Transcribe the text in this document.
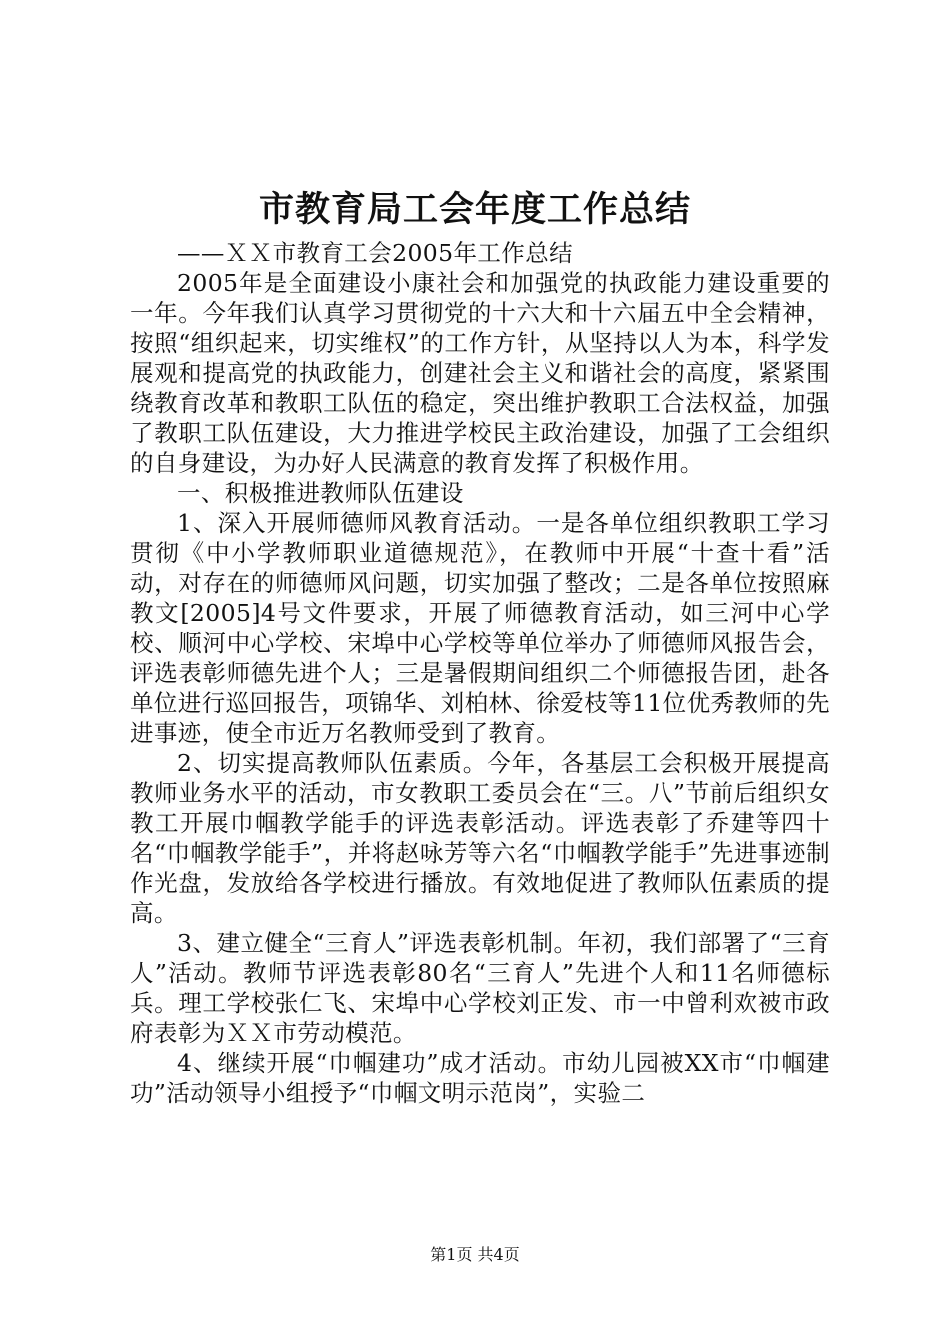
市教育局工会年度工作总结

——ＸＸ市教育工会2005年工作总结

2005年是全面建设小康社会和加强党的执政能力建设重要的一年。今年我们认真学习贯彻党的十六大和十六届五中全会精神，按照“组织起来，切实维权”的工作方针，从坚持以人为本，科学发展观和提高党的执政能力，创建社会主义和谐社会的高度，紧紧围绕教育改革和教职工队伍的稳定，突出维护教职工合法权益，加强了教职工队伍建设，大力推进学校民主政治建设，加强了工会组织的自身建设，为办好人民满意的教育发挥了积极作用。

一、积极推进教师队伍建设

1、深入开展师德师风教育活动。一是各单位组织教职工学习贯彻《中小学教师职业道德规范》，在教师中开展“十查十看”活动，对存在的师德师风问题，切实加强了整改；二是各单位按照麻教文[2005]4号文件要求，开展了师德教育活动，如三河中心学校、顺河中心学校、宋埠中心学校等单位举办了师德师风报告会，评选表彰师德先进个人；三是暑假期间组织二个师德报告团，赴各单位进行巡回报告，项锦华、刘柏林、徐爱枝等11位优秀教师的先进事迹，使全市近万名教师受到了教育。

2、切实提高教师队伍素质。今年，各基层工会积极开展提高教师业务水平的活动，市女教职工委员会在“三。八”节前后组织女教工开展巾帼教学能手的评选表彰活动。评选表彰了乔建等四十名“巾帼教学能手”，并将赵咏芳等六名“巾帼教学能手”先进事迹制作光盘，发放给各学校进行播放。有效地促进了教师队伍素质的提高。

3、建立健全“三育人”评选表彰机制。年初，我们部署了“三育人”活动。教师节评选表彰80名“三育人”先进个人和11名师德标兵。理工学校张仁飞、宋埠中心学校刘正发、市一中曾利欢被市政府表彰为ＸＸ市劳动模范。

4、继续开展“巾帼建功”成才活动。市幼儿园被XX市“巾帼建功”活动领导小组授予“巾帼文明示范岗”，实验二

第1页 共4页
